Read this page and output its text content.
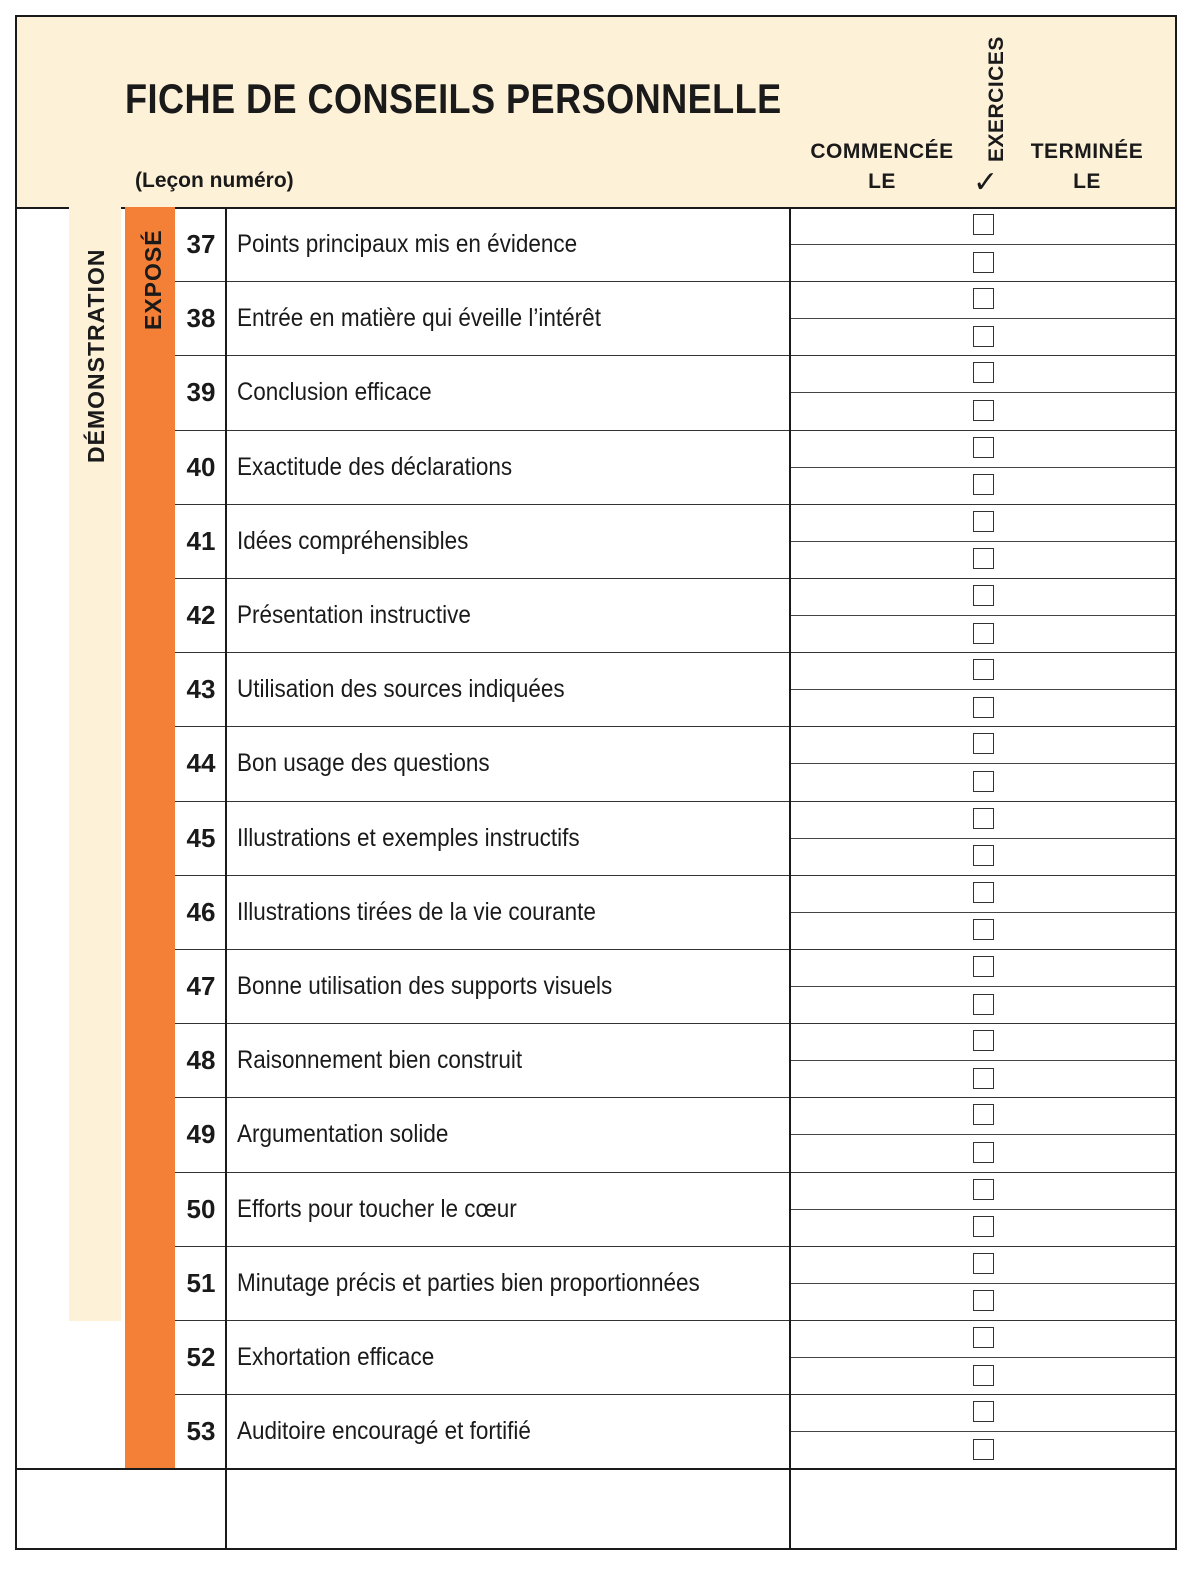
FICHE DE CONSEILS PERSONNELLE
(Leçon numéro)
COMMENCÉE
LE
EXERCICES
✓
TERMINÉE
LE
DÉMONSTRATION EXPOSÉ 37 Points principaux mis en évidence
38 Entrée en matière qui éveille l’intérêt
39 Conclusion efficace
40 Exactitude des déclarations
41 Idées compréhensibles
42 Présentation instructive
43 Utilisation des sources indiquées
44 Bon usage des questions
45 Illustrations et exemples instructifs
46 Illustrations tirées de la vie courante
47 Bonne utilisation des supports visuels
48 Raisonnement bien construit
49 Argumentation solide
50 Efforts pour toucher le cœur
51 Minutage précis et parties bien proportionnées
52 Exhortation efficace
53 Auditoire encouragé et fortifié
